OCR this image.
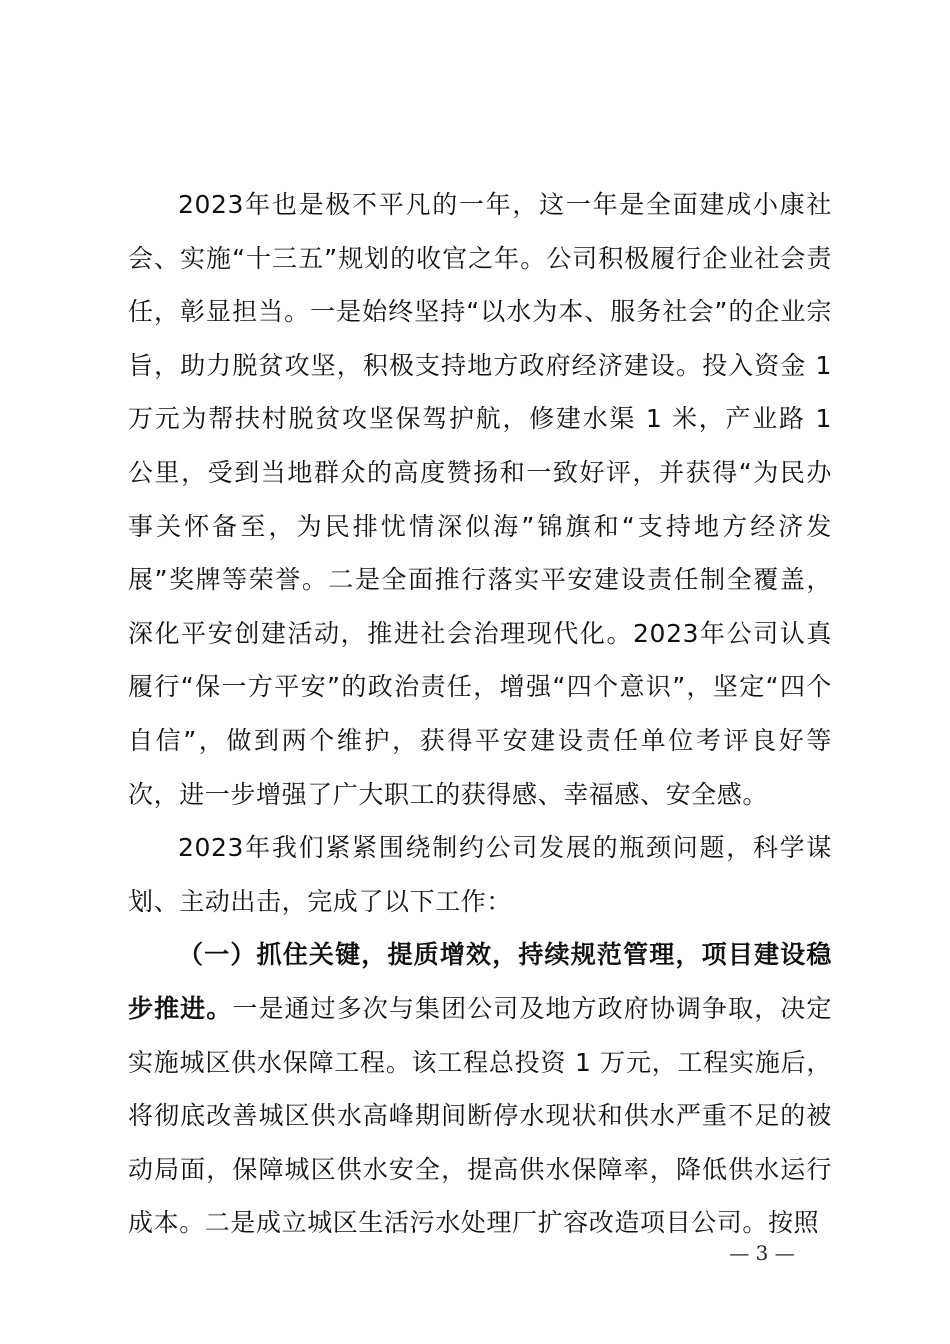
2023年也是极不平凡的一年，这一年是全面建成小康社会、实施“十三五”规划的收官之年。公司积极履行企业社会责任，彰显担当。一是始终坚持“以水为本、服务社会”的企业宗旨，助力脱贫攻坚，积极支持地方政府经济建设。投入资金 1 万元为帮扶村脱贫攻坚保驾护航，修建水渠 1 米，产业路 1 公里，受到当地群众的高度赞扬和一致好评，并获得“为民办事关怀备至，为民排忧情深似海”锦旗和“支持地方经济发展”奖牌等荣誉。二是全面推行落实平安建设责任制全覆盖，深化平安创建活动，推进社会治理现代化。2023年公司认真履行“保一方平安”的政治责任，增强“四个意识”，坚定“四个自信”，做到两个维护，获得平安建设责任单位考评良好等次，进一步增强了广大职工的获得感、幸福感、安全感。

2023年我们紧紧围绕制约公司发展的瓶颈问题，科学谋划、主动出击，完成了以下工作：

（一）抓住关键，提质增效，持续规范管理，项目建设稳步推进。一是通过多次与集团公司及地方政府协调争取，决定实施城区供水保障工程。该工程总投资 1 万元，工程实施后，将彻底改善城区供水高峰期间断停水现状和供水严重不足的被动局面，保障城区供水安全，提高供水保障率，降低供水运行成本。二是成立城区生活污水处理厂扩容改造项目公司。按照

— 3 —
